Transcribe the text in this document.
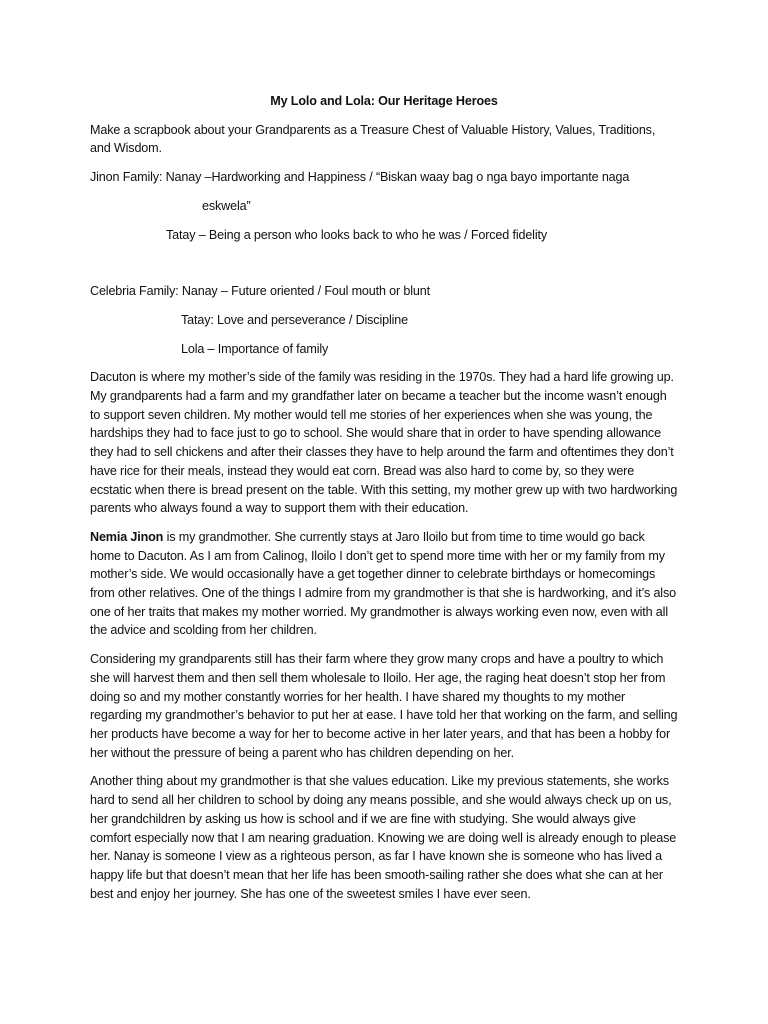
My Lolo and Lola: Our Heritage Heroes

Make a scrapbook about your Grandparents as a Treasure Chest of Valuable History, Values, Traditions, and Wisdom.

Jinon Family: Nanay –Hardworking and Happiness / “Biskan waay bag o nga bayo importante naga

eskwela”

Tatay – Being a person who looks back to who he was / Forced fidelity

Celebria Family: Nanay – Future oriented / Foul mouth or blunt

Tatay: Love and perseverance / Discipline

Lola – Importance of family

Dacuton is where my mother’s side of the family was residing in the 1970s. They had a hard life growing up. My grandparents had a farm and my grandfather later on became a teacher but the income wasn’t enough to support seven children. My mother would tell me stories of her experiences when she was young, the hardships they had to face just to go to school. She would share that in order to have spending allowance they had to sell chickens and after their classes they have to help around the farm and oftentimes they don’t have rice for their meals, instead they would eat corn. Bread was also hard to come by, so they were ecstatic when there is bread present on the table. With this setting, my mother grew up with two hardworking parents who always found a way to support them with their education.

Nemia Jinon is my grandmother. She currently stays at Jaro Iloilo but from time to time would go back home to Dacuton. As I am from Calinog, Iloilo I don’t get to spend more time with her or my family from my mother’s side. We would occasionally have a get together dinner to celebrate birthdays or homecomings from other relatives. One of the things I admire from my grandmother is that she is hardworking, and it’s also one of her traits that makes my mother worried. My grandmother is always working even now, even with all the advice and scolding from her children.

Considering my grandparents still has their farm where they grow many crops and have a poultry to which she will harvest them and then sell them wholesale to Iloilo. Her age, the raging heat doesn’t stop her from doing so and my mother constantly worries for her health. I have shared my thoughts to my mother regarding my grandmother’s behavior to put her at ease. I have told her that working on the farm, and selling her products have become a way for her to become active in her later years, and that has been a hobby for her without the pressure of being a parent who has children depending on her.

Another thing about my grandmother is that she values education. Like my previous statements, she works hard to send all her children to school by doing any means possible, and she would always check up on us, her grandchildren by asking us how is school and if we are fine with studying. She would always give comfort especially now that I am nearing graduation. Knowing we are doing well is already enough to please her. Nanay is someone I view as a righteous person, as far I have known she is someone who has lived a happy life but that doesn’t mean that her life has been smooth-sailing rather she does what she can at her best and enjoy her journey. She has one of the sweetest smiles I have ever seen.
